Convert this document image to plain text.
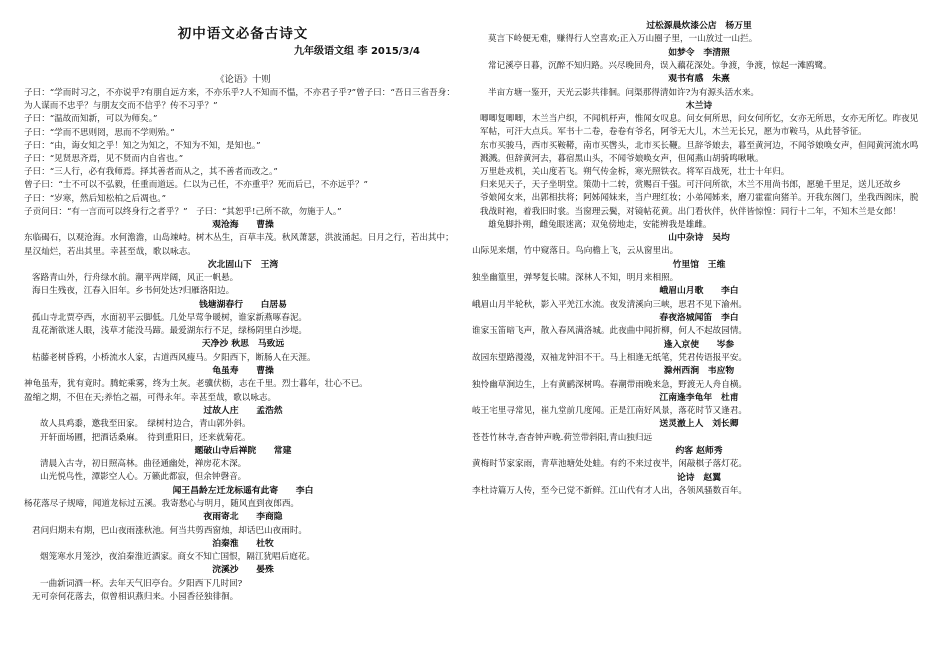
初中语文必备古诗文
九年级语文组 李 2015/3/4
《论语》十则
子曰：“学而时习之，不亦说乎?有朋自远方来，不亦乐乎?人不知而不愠，不亦君子乎?”曾子曰：“吾日三省吾身：为人谋而不忠乎？与朋友交而不信乎？传不习乎？”
子曰：“温故而知新，可以为师矣。”
子曰：“学而不思则罔，思而不学则殆。”
子曰：“由，诲女知之乎！知之为知之，不知为不知，是知也。”
子曰：“见贤思齐焉，见不贤而内自省也。”
子曰：“三人行，必有我师焉。择其善者而从之，其不善者而改之。”
曾子曰：“士不可以不弘毅，任重而道远。仁以为己任，不亦重乎？死而后已，不亦远乎？”
子曰：“岁寒，然后知松柏之后凋也。”
子贡问曰：“有一言而可以终身行之者乎？”　子曰：“其恕乎!己所不欲，勿施于人。”
观沧海　　曹操
东临碣石，以观沧海。水何澹澹，山岛竦峙。树木丛生，百草丰茂。秋风萧瑟，洪波涌起。日月之行，若出其中；星汉灿烂，若出其里。幸甚至哉，歌以咏志。
次北固山下　王湾
客路青山外，行舟绿水前。潮平两岸阔，风正一帆悬。
海日生残夜，江春入旧年。乡书何处达?归雁洛阳边。
钱塘湖春行　　白居易
孤山寺北贾亭西，水面初平云脚低。几处早莺争暖树，谁家新燕啄春泥。
乱花渐欲迷人眼，浅草才能没马蹄。最爱湖东行不足，绿杨阴里白沙堤。
天净沙 秋思　马致远
枯藤老树昏鸦，小桥流水人家，古道西风瘦马。夕阳西下，断肠人在天涯。
龟虽寿　　曹操
神龟虽寿，犹有竟时。腾蛇乘雾，终为土灰。老骥伏枥，志在千里。烈士暮年，壮心不已。
盈缩之期，不但在天;养怡之福，可得永年。幸甚至哉，歌以咏志。
过故人庄　　孟浩然
故人具鸡黍，邀我至田家。　绿树村边合，青山郭外斜。
开轩面场圃，把酒话桑麻。　待到重阳日，还来就菊花。
题破山寺后禅院　　常建
清晨入古寺，初日照高林。曲径通幽处，禅房花木深。
山光悦鸟性，潭影空人心。万籁此都寂，但余钟磬音。
闻王昌龄左迁龙标遥有此寄　　李白
杨花落尽子规啼，闻道龙标过五溪。我寄愁心与明月，随风直到夜郎西。
夜雨寄北　　李商隐
君问归期未有期，巴山夜雨涨秋池。何当共剪西窗烛，却话巴山夜雨时。
泊秦淮　　杜牧
烟笼寒水月笼沙，夜泊秦淮近酒家。商女不知亡国恨，隔江犹唱后庭花。
浣溪沙　　晏殊
一曲新词酒一杯。去年天气旧亭台。夕阳西下几时回?
无可奈何花落去，似曾相识燕归来。小园香径独徘徊。
过松源晨炊漆公店　杨万里
莫言下岭便无难，赚得行人空喜欢;正入万山圈子里，一山放过一山拦。
如梦令　李清照
常记溪亭日暮，沉醉不知归路。兴尽晚回舟，误入藕花深处。争渡，争渡，惊起一滩鸥鹭。
观书有感　朱熹
半亩方塘一鉴开，天光云影共徘徊。问渠那得清如许?为有源头活水来。
木兰诗
唧唧复唧唧，木兰当户织，不闻机杼声，惟闻女叹息。问女何所思，问女何所忆，女亦无所思，女亦无所忆。昨夜见军帖，可汗大点兵。军书十二卷，卷卷有爷名，阿爷无大儿，木兰无长兄，愿为市鞍马，从此替爷征。
东市买骏马，西市买鞍鞯，南市买辔头，北市买长鞭。旦辞爷娘去，暮至黄河边，不闻爷娘唤女声，但闻黄河流水鸣溅溅。但辞黄河去，暮宿黑山头，不闻爷娘唤女声，但闻燕山胡骑鸣啾啾。
万里赴戎机，关山度若飞。朔气传金柝，寒光照铁衣。将军百战死，壮士十年归。
归来见天子，天子坐明堂。策勋十二转，赏赐百千强。可汗问所欲，木兰不用尚书郎，愿驰千里足，送儿还故乡
爷娘闻女来，出郭相扶将；阿姊闻妹来，当户理红妆；小弟闻姊来，磨刀霍霍向猪羊。开我东阁门，坐我西阁床，脱我战时袍，着我旧时裳。当窗理云鬓，对镜帖花黄。出门看伙伴，伙伴皆惊惶：同行十二年，不知木兰是女郎！
雄兔脚扑朔，雌兔眼迷离；双兔傍地走，安能辨我是雄雌。
山中杂诗　吴均
山际见来烟，竹中窥落日。鸟向檐上飞，云从窗里出。
竹里馆　王维
独坐幽篁里，弹琴复长啸。深林人不知，明月来相照。
峨眉山月歌　　李白
峨眉山月半轮秋，影入平羌江水流。夜发清溪向三峡，思君不见下渝州。
春夜洛城闻笛　李白
谁家玉笛暗飞声，散入春风满洛城。此夜曲中闻折柳，何人不起故园情。
逢入京使　　岑参
故园东望路漫漫，双袖龙钟泪不干。马上相逢无纸笔，凭君传语报平安。
滁州西涧　韦应物
独怜幽草涧边生，上有黄鹂深树鸣。春潮带雨晚来急，野渡无人舟自横。
江南逢李龟年　杜甫
岐王宅里寻常见，崔九堂前几度闻。正是江南好风景，落花时节又逢君。
送灵澈上人　刘长卿
苍苍竹林寺,杳杳钟声晚.荷笠带斜阳,青山独归远
约客 赵师秀
黄梅时节家家雨，青草池塘处处蛙。有约不来过夜半，闲敲棋子落灯花。
论诗　赵翼
李杜诗篇万人传，至今已觉不新鲜。江山代有才人出，各领风骚数百年。
